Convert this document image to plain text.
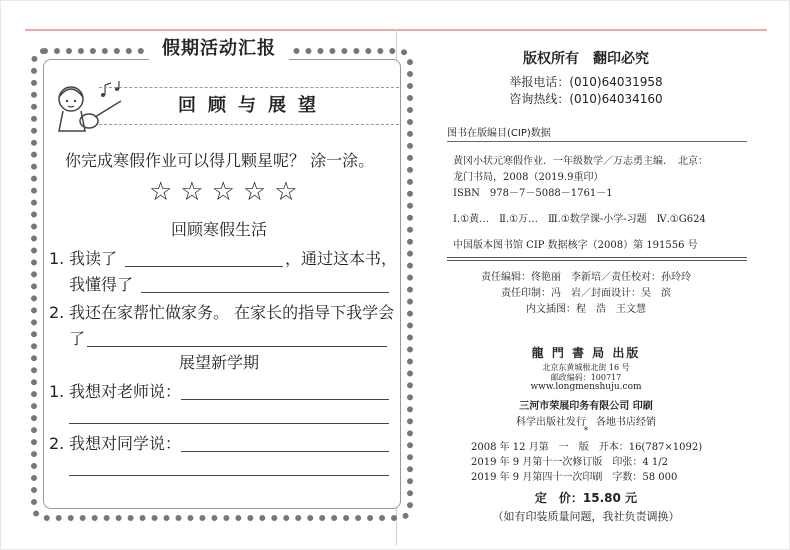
假期活动汇报
回顾与展望
你完成寒假作业可以得几颗星呢？ 涂一涂。
☆☆☆☆☆
回顾寒假生活
1. 我读了	，通过这本书，
我懂得了
2. 我还在家帮忙做家务。 在家长的指导下我学会
了
展望新学期
1. 我想对老师说：
2. 我想对同学说：
版权所有　翻印必究
举报电话：(010)64031958
咨询热线：(010)64034160
图书在版编目(CIP)数据
黄冈小状元寒假作业．一年级数学／万志勇主编．　北京：
龙门书局，2008（2019.9重印）
ISBN　978－7－5088－1761－1
Ⅰ.①黄…　Ⅱ.①万…　Ⅲ.①数学课-小学-习题　Ⅳ.①G624
中国版本图书馆 CIP 数据核字（2008）第 191556 号
责任编辑：佟艳丽　李新培／责任校对：孙玲玲
责任印制：冯　岩／封面设计：吴　滨
内文插图：程　浩　王文慧
龍 門 書 局 出版
北京东黄城根北街 16 号
邮政编码：100717
www.longmenshuju.com
三河市荣展印务有限公司 印刷
科学出版社发行　各地书店经销
*
2008 年 12 月第　一　版　开本：16(787×1092)
2019 年 9 月第十一次修订版　印张：4 1/2
2019 年 9 月第四十一次印刷　字数：58 000
定　价：15.80 元
（如有印装质量问题，我社负责调换）
